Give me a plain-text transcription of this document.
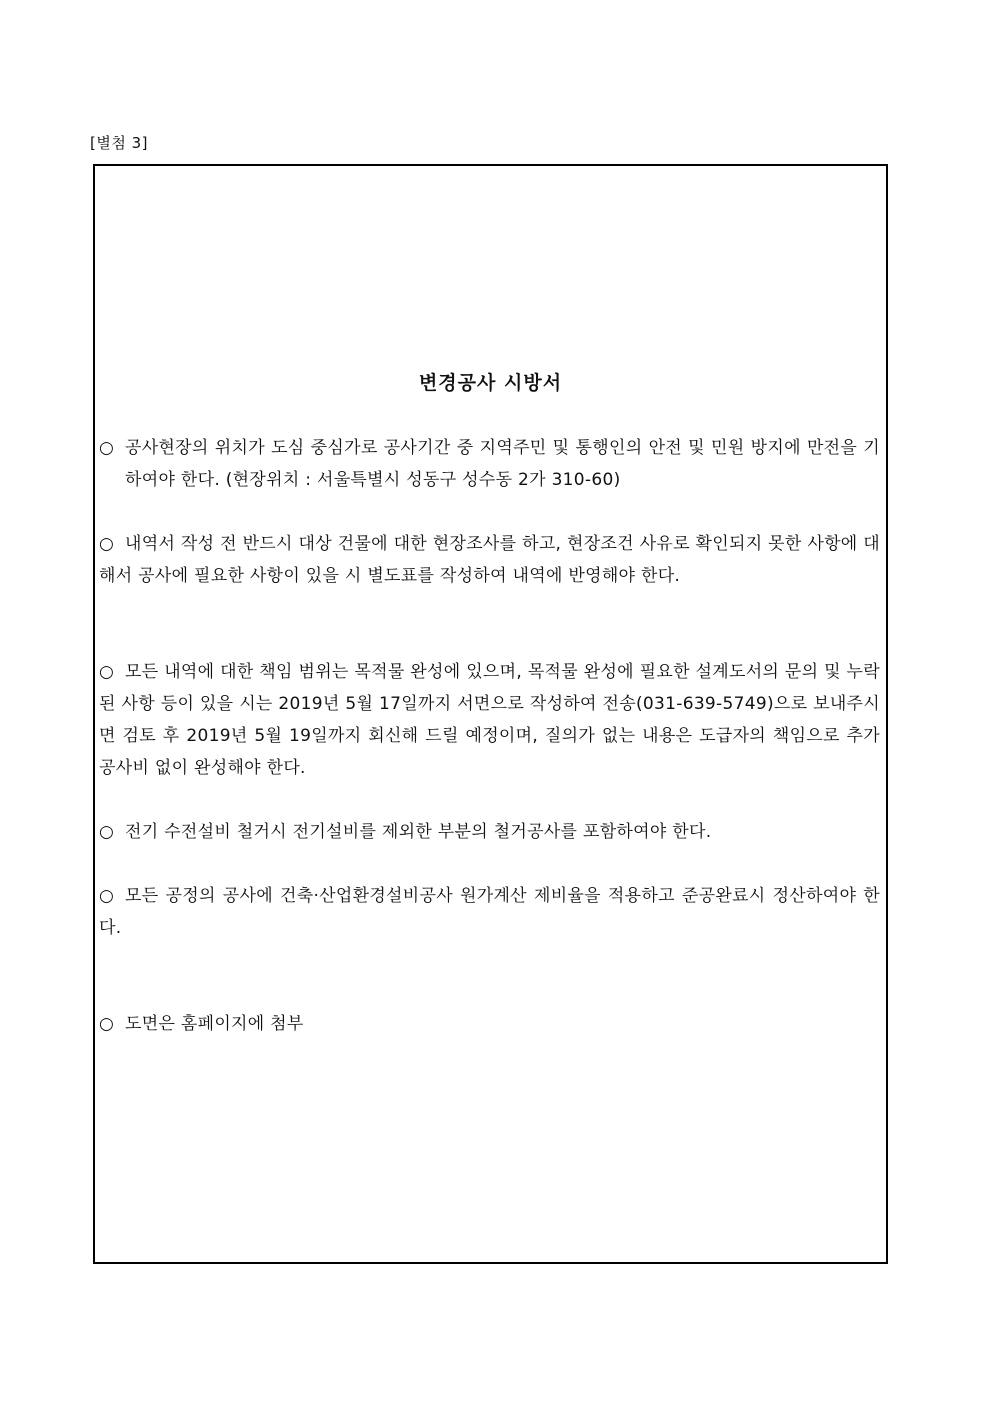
[별첨 3]
변경공사 시방서
○ 공사현장의 위치가 도심 중심가로 공사기간 중 지역주민 및 통행인의 안전 및 민원 방지에 만전을 기하여야 한다. (현장위치 : 서울특별시 성동구 성수동 2가 310-60)
○ 내역서 작성 전 반드시 대상 건물에 대한 현장조사를 하고, 현장조건 사유로 확인되지 못한 사항에 대해서 공사에 필요한 사항이 있을 시 별도표를 작성하여 내역에 반영해야 한다.
○ 모든 내역에 대한 책임 범위는 목적물 완성에 있으며, 목적물 완성에 필요한 설계도서의 문의 및 누락된 사항 등이 있을 시는 2019년 5월 17일까지 서면으로 작성하여 전송(031-639-5749)으로 보내주시면 검토 후 2019년 5월 19일까지 회신해 드릴 예정이며, 질의가 없는 내용은 도급자의 책임으로 추가 공사비 없이 완성해야 한다.
○ 전기 수전설비 철거시 전기설비를 제외한 부분의 철거공사를 포함하여야 한다.
○ 모든 공정의 공사에 건축·산업환경설비공사 원가계산 제비율을 적용하고 준공완료시 정산하여야 한다.
○ 도면은 홈페이지에 첨부
